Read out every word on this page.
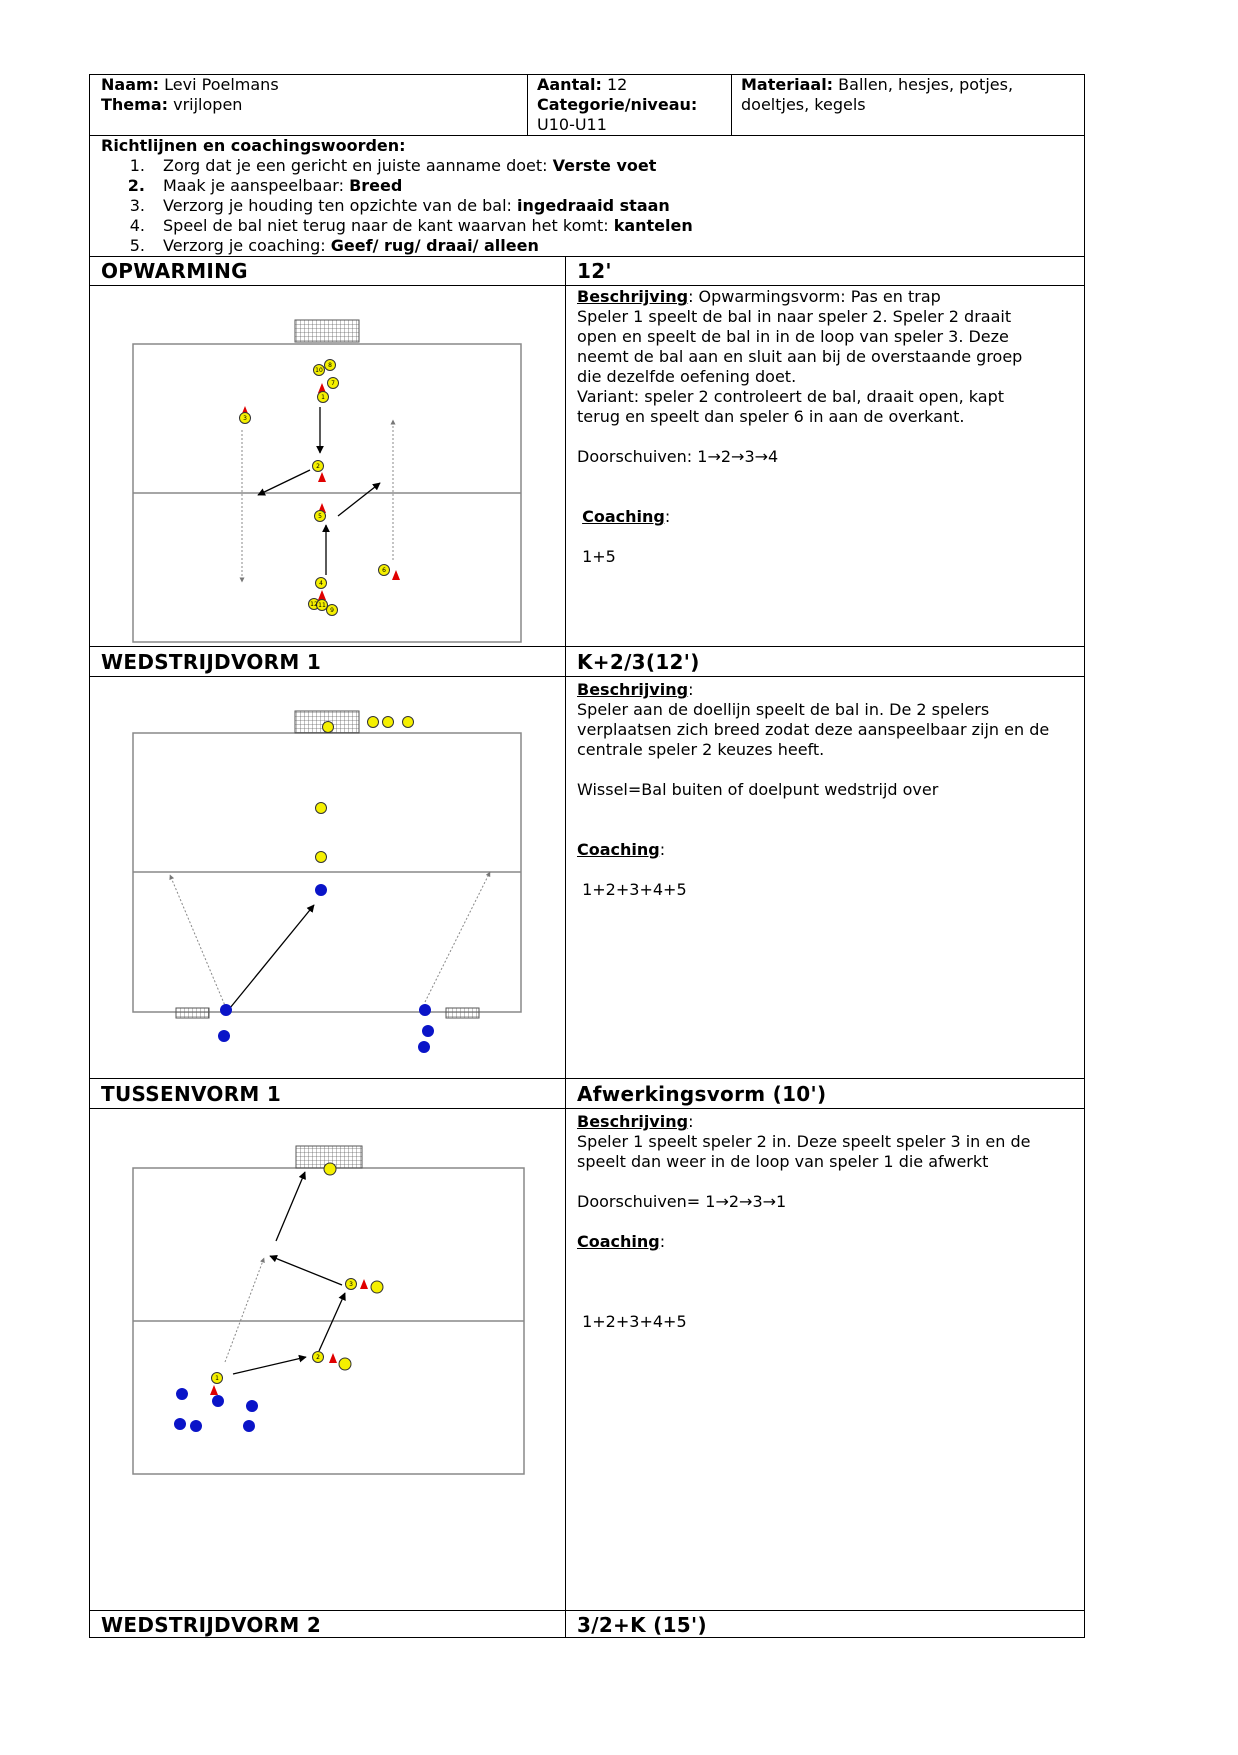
Naam: Levi Poelmans
Thema: vrijlopen
Aantal: 12
Categorie/niveau:
U10-U11
Materiaal: Ballen, hesjes, potjes,
doeltjes, kegels
Richtlijnen en coachingswoorden:
1. Zorg dat je een gericht en juiste aanname doet: Verste voet
2. Maak je aanspeelbaar: Breed
3. Verzorg je houding ten opzichte van de bal: ingedraaid staan
4. Speel de bal niet terug naar de kant waarvan het komt: kantelen
5. Verzorg je coaching: Geef/ rug/ draai/ alleen
OPWARMING	12'

Beschrijving: Opwarmingsvorm: Pas en trap

Speler 1 speelt de bal in naar speler 2. Speler 2 draait

open en speelt de bal in in de loop van speler 3. Deze

neemt de bal aan en sluit aan bij de overstaande groep

die dezelfde oefening doet.

Variant: speler 2 controleert de bal, draait open, kapt

terug en speelt dan speler 6 in aan de overkant.

Doorschuiven: 1→2→3→4

Coaching:

1+5

8
10
7
1
3
2
5
6
4
12 11
9
3
2
1
WEDSTRIJDVORM 1	K+2/3(12')

Beschrijving:

Speler aan de doellijn speelt de bal in. De 2 spelers

verplaatsen zich breed zodat deze aanspeelbaar zijn en de

centrale speler 2 keuzes heeft.

Wissel=Bal buiten of doelpunt wedstrijd over

Coaching:

1+2+3+4+5

TUSSENVORM 1	Afwerkingsvorm (10')

Beschrijving:

Speler 1 speelt speler 2 in. Deze speelt speler 3 in en de

speelt dan weer in de loop van speler 1 die afwerkt

Doorschuiven= 1→2→3→1

Coaching:

1+2+3+4+5

WEDSTRIJDVORM 2	3/2+K (15')
